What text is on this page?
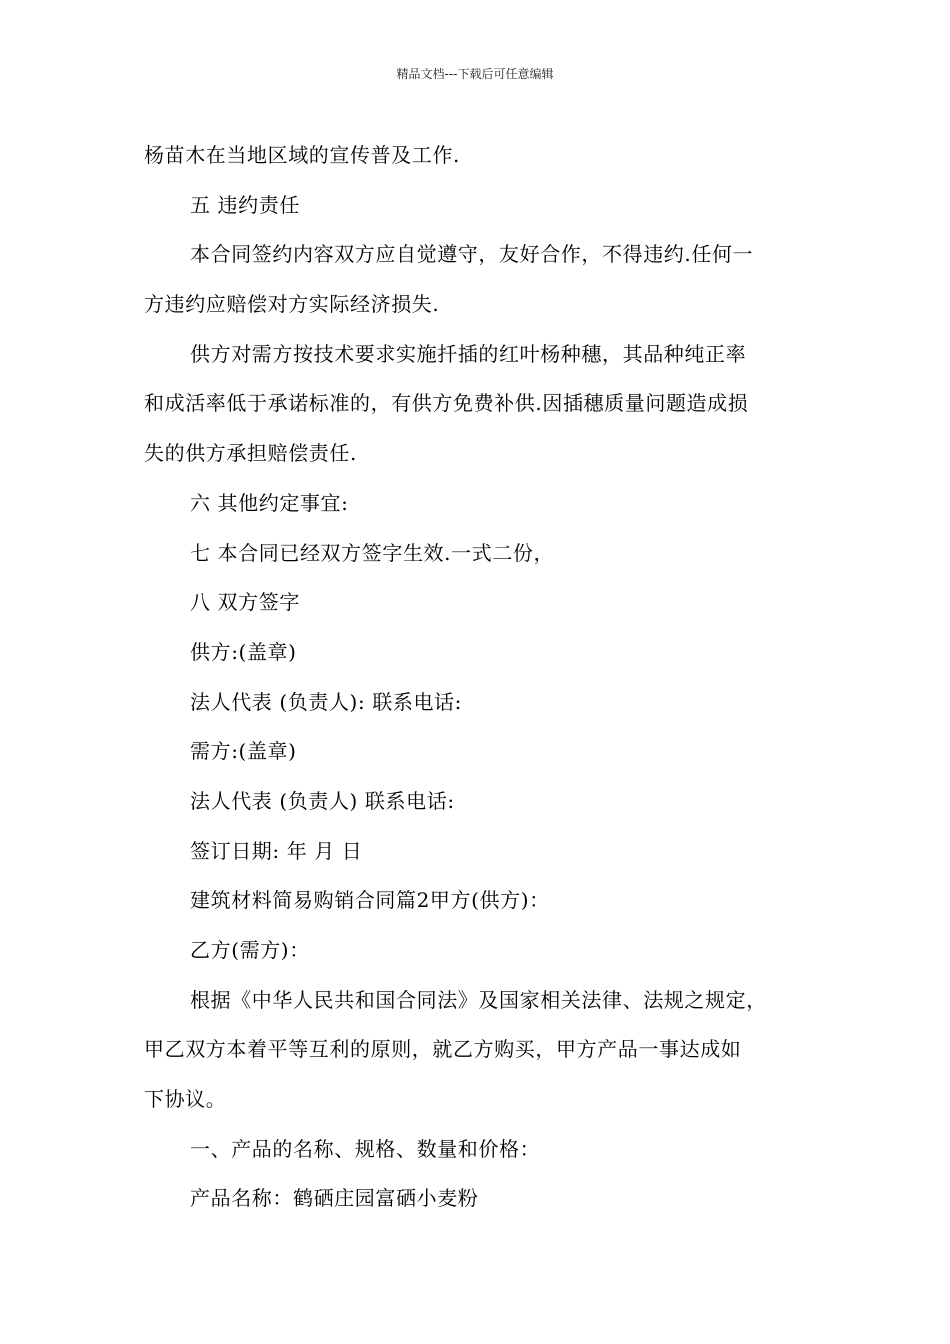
精品文档---下载后可任意编辑
杨苗木在当地区域的宣传普及工作.
五 违约责任
本合同签约内容双方应自觉遵守，友好合作，不得违约.任何一
方违约应赔偿对方实际经济损失.
供方对需方按技术要求实施扦插的红叶杨种穗，其品种纯正率
和成活率低于承诺标准的，有供方免费补供.因插穗质量问题造成损
失的供方承担赔偿责任.
六 其他约定事宜:
七 本合同已经双方签字生效.一式二份，
八 双方签字
供方:(盖章)
法人代表 (负责人): 联系电话:
需方:(盖章)
法人代表 (负责人) 联系电话:
签订日期: 年 月 日
建筑材料简易购销合同篇2甲方(供方)：
乙方(需方)：
根据《中华人民共和国合同法》及国家相关法律、法规之规定，
甲乙双方本着平等互利的原则，就乙方购买，甲方产品一事达成如
下协议。
一、产品的名称、规格、数量和价格：
产品名称：鹤硒庄园富硒小麦粉
